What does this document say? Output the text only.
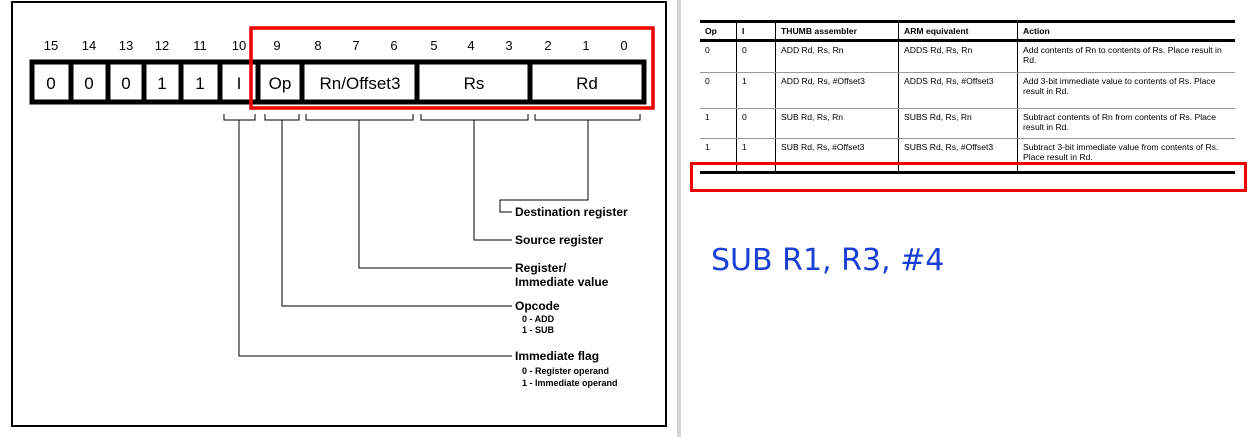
15 14 13 12 11 10 9	8 7 6	5 4 3 2 1 0
0 0 0 1 1 I Op Rn/Offset3	Rs	Rd
Destination register
Source register
Register/
Immediate value
Opcode
0 - ADD
1 - SUB
Immediate flag
0 - Register operand
1 - Immediate operand
Op	I	THUMB assembler	ARM equivalent	Action
0	0	ADD Rd, Rs, Rn	ADDS Rd, Rs, Rn	Add contents of Rn to contents of Rs. Place result in Rd.
0	1	ADD Rd, Rs, #Offset3	ADDS Rd, Rs, #Offset3	Add 3-bit immediate value to contents of Rs. Place result in Rd.
1	0	SUB Rd, Rs, Rn	SUBS Rd, Rs, Rn	Subtract contents of Rn from contents of Rs. Place result in Rd.
1	1	SUB Rd, Rs, #Offset3	SUBS Rd, Rs, #Offset3	Subtract 3-bit immediate value from contents of Rs. Place result in Rd.
SUB R1, R3, #4
